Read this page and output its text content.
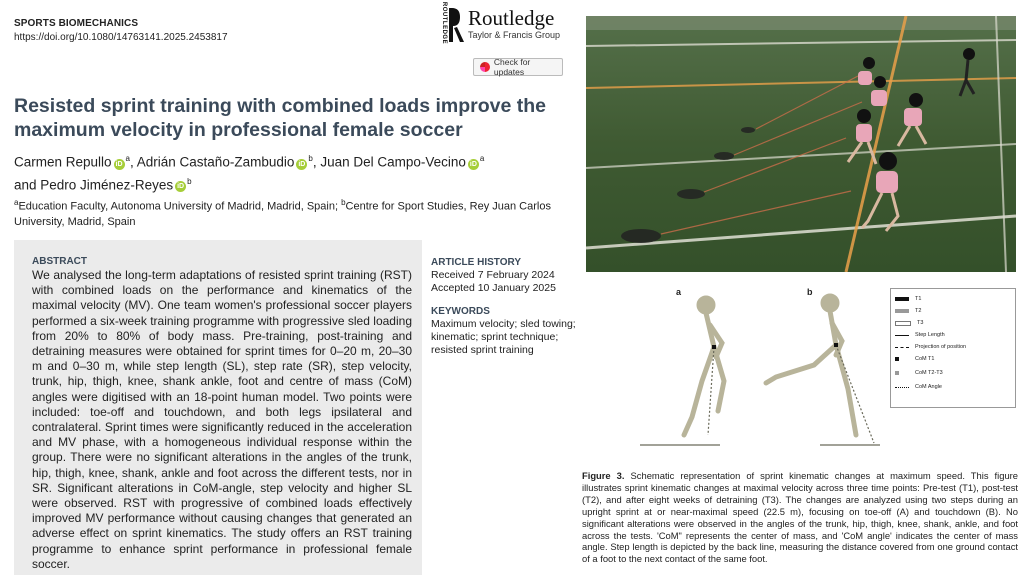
SPORTS BIOMECHANICS
https://doi.org/10.1080/14763141.2025.2453817	ROUTLEDGE Routledge
Taylor & Francis Group
Check for updates
Resisted sprint training with combined loads improve the maximum velocity in professional female soccer
Carmen Repullo $iD^a$, Adrián Castaño-Zambudio $iD^b$, Juan Del Campo-Vecino $iD^a$
and Pedro Jiménez-Reyes $iD^b$
$^a$Education Faculty, Autonoma University of Madrid, Madrid, Spain; $^b$Centre for Sport Studies, Rey Juan Carlos University, Madrid, Spain
ABSTRACT
We analysed the long-term adaptations of resisted sprint training (RST) with combined loads on the performance and kinematics of the maximal velocity (MV). One team women's professional soccer players performed a six-week training programme with progressive sled loading from 20% to 80% of body mass. Pre-training, post-training and detraining measures were obtained for sprint times for 0–20 m, 20–30 m and 0–30 m, while step length (SL), step rate (SR), step velocity, trunk, hip, thigh, knee, shank ankle, foot and centre of mass (CoM) angles were digitised with an 18-point human model. Two points were included: toe-off and touchdown, and both legs ipsilateral and contralateral. Sprint times were significantly reduced in the acceleration and MV phase, with a homogeneous individual response within the group. There were no significant alterations in the angles of the trunk, hip, thigh, knee, shank, ankle and foot across the different tests, nor in SR. Significant alterations in CoM-angle, step velocity and higher SL were observed. RST with progressive of combined loads effectively improved MV performance without causing changes that generated an adverse effect on sprint kinematics. The study offers an RST training programme to enhance sprint performance in professional female soccer.
ARTICLE HISTORY
Received 7 February 2024
Accepted 10 January 2025
KEYWORDS
Maximum velocity; sled towing; kinematic; sprint technique; resisted sprint training
a	b
T1
T2
T3
Step Length
Projection of position
CoM T1
CoM T2-T3
CoM Angle
Figure 3. Schematic representation of sprint kinematic changes at maximum speed. This figure illustrates sprint kinematic changes at maximal velocity across three time points: Pre-test (T1), post-test (T2), and after eight weeks of detraining (T3). The changes are analyzed using two steps during an upright sprint at or near-maximal speed (22.5 m), focusing on toe-off (A) and touchdown (B). No significant alterations were observed in the angles of the trunk, hip, thigh, knee, shank, ankle, and foot across the tests. 'CoM" represents the center of mass, and 'CoM angle' indicates the center of mass angle. Step length is depicted by the back line, measuring the distance covered from one ground contact of a foot to the next contact of the same foot.
